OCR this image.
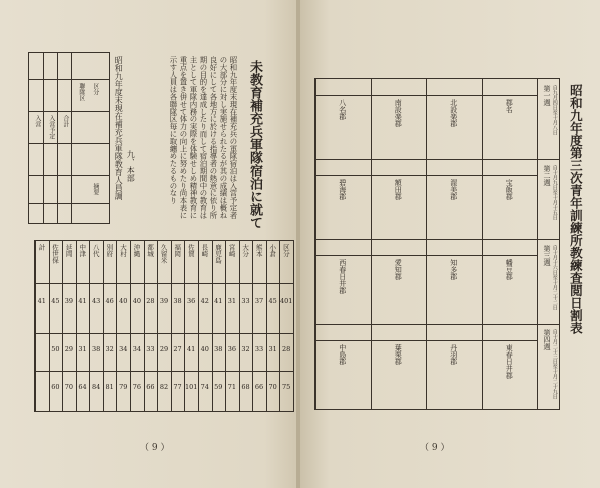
区分
聯隊区
入営 入営予定 合計
摘要 昭和九年度末現在補充兵軍隊教育人員調 九、本部	未教育補充兵軍隊宿泊に就て
昭和九年度末現在補充兵の軍隊宿泊は入営予定者の大部分に対し実施せられたるが其の成績は概ね良好にして各地方に於ける指導者の熱意に依り所期の目的を達成したり而して宿泊期間中の教育は主として軍隊内務の実際を体験せしめ精神教育に重点を置き併せて体力の向上に努めたり尚本表に示す人員は各聯隊区毎に取纏めたるものなり
区分
401
28
75
小倉
45
31
70
熊本
37
33
66
大分
33
32
68
宮崎
31
36
71
鹿児島
41
38
59
長崎
42
40
74
佐賀
36
41
101
福岡
38
27
77
久留米
39
29
82
都城
28
33
66
沖縄
40
34
76
大村
40
34
79
別府
46
32
81
八代
43
38
84
中津
41
31
64
延岡
39
29
70
佐世保
45
50
60
計
41
（ 9 ）
昭和九年度第三次青年訓練所教練査閲日割表
第一週 自九月四日至十月八日
第二週 自十月九日至十月十五日
第三週 自十月十六日至十月二十二日
第四週 自十月二十三日至十月二十九日
郡名
北設楽郡
南設楽郡
八名郡
宝飯郡
渥美郡
額田郡
碧海郡
幡豆郡
知多郡
愛知郡
西春日井郡
東春日井郡
丹羽郡
葉栗郡
中島郡
（ 9 ）
